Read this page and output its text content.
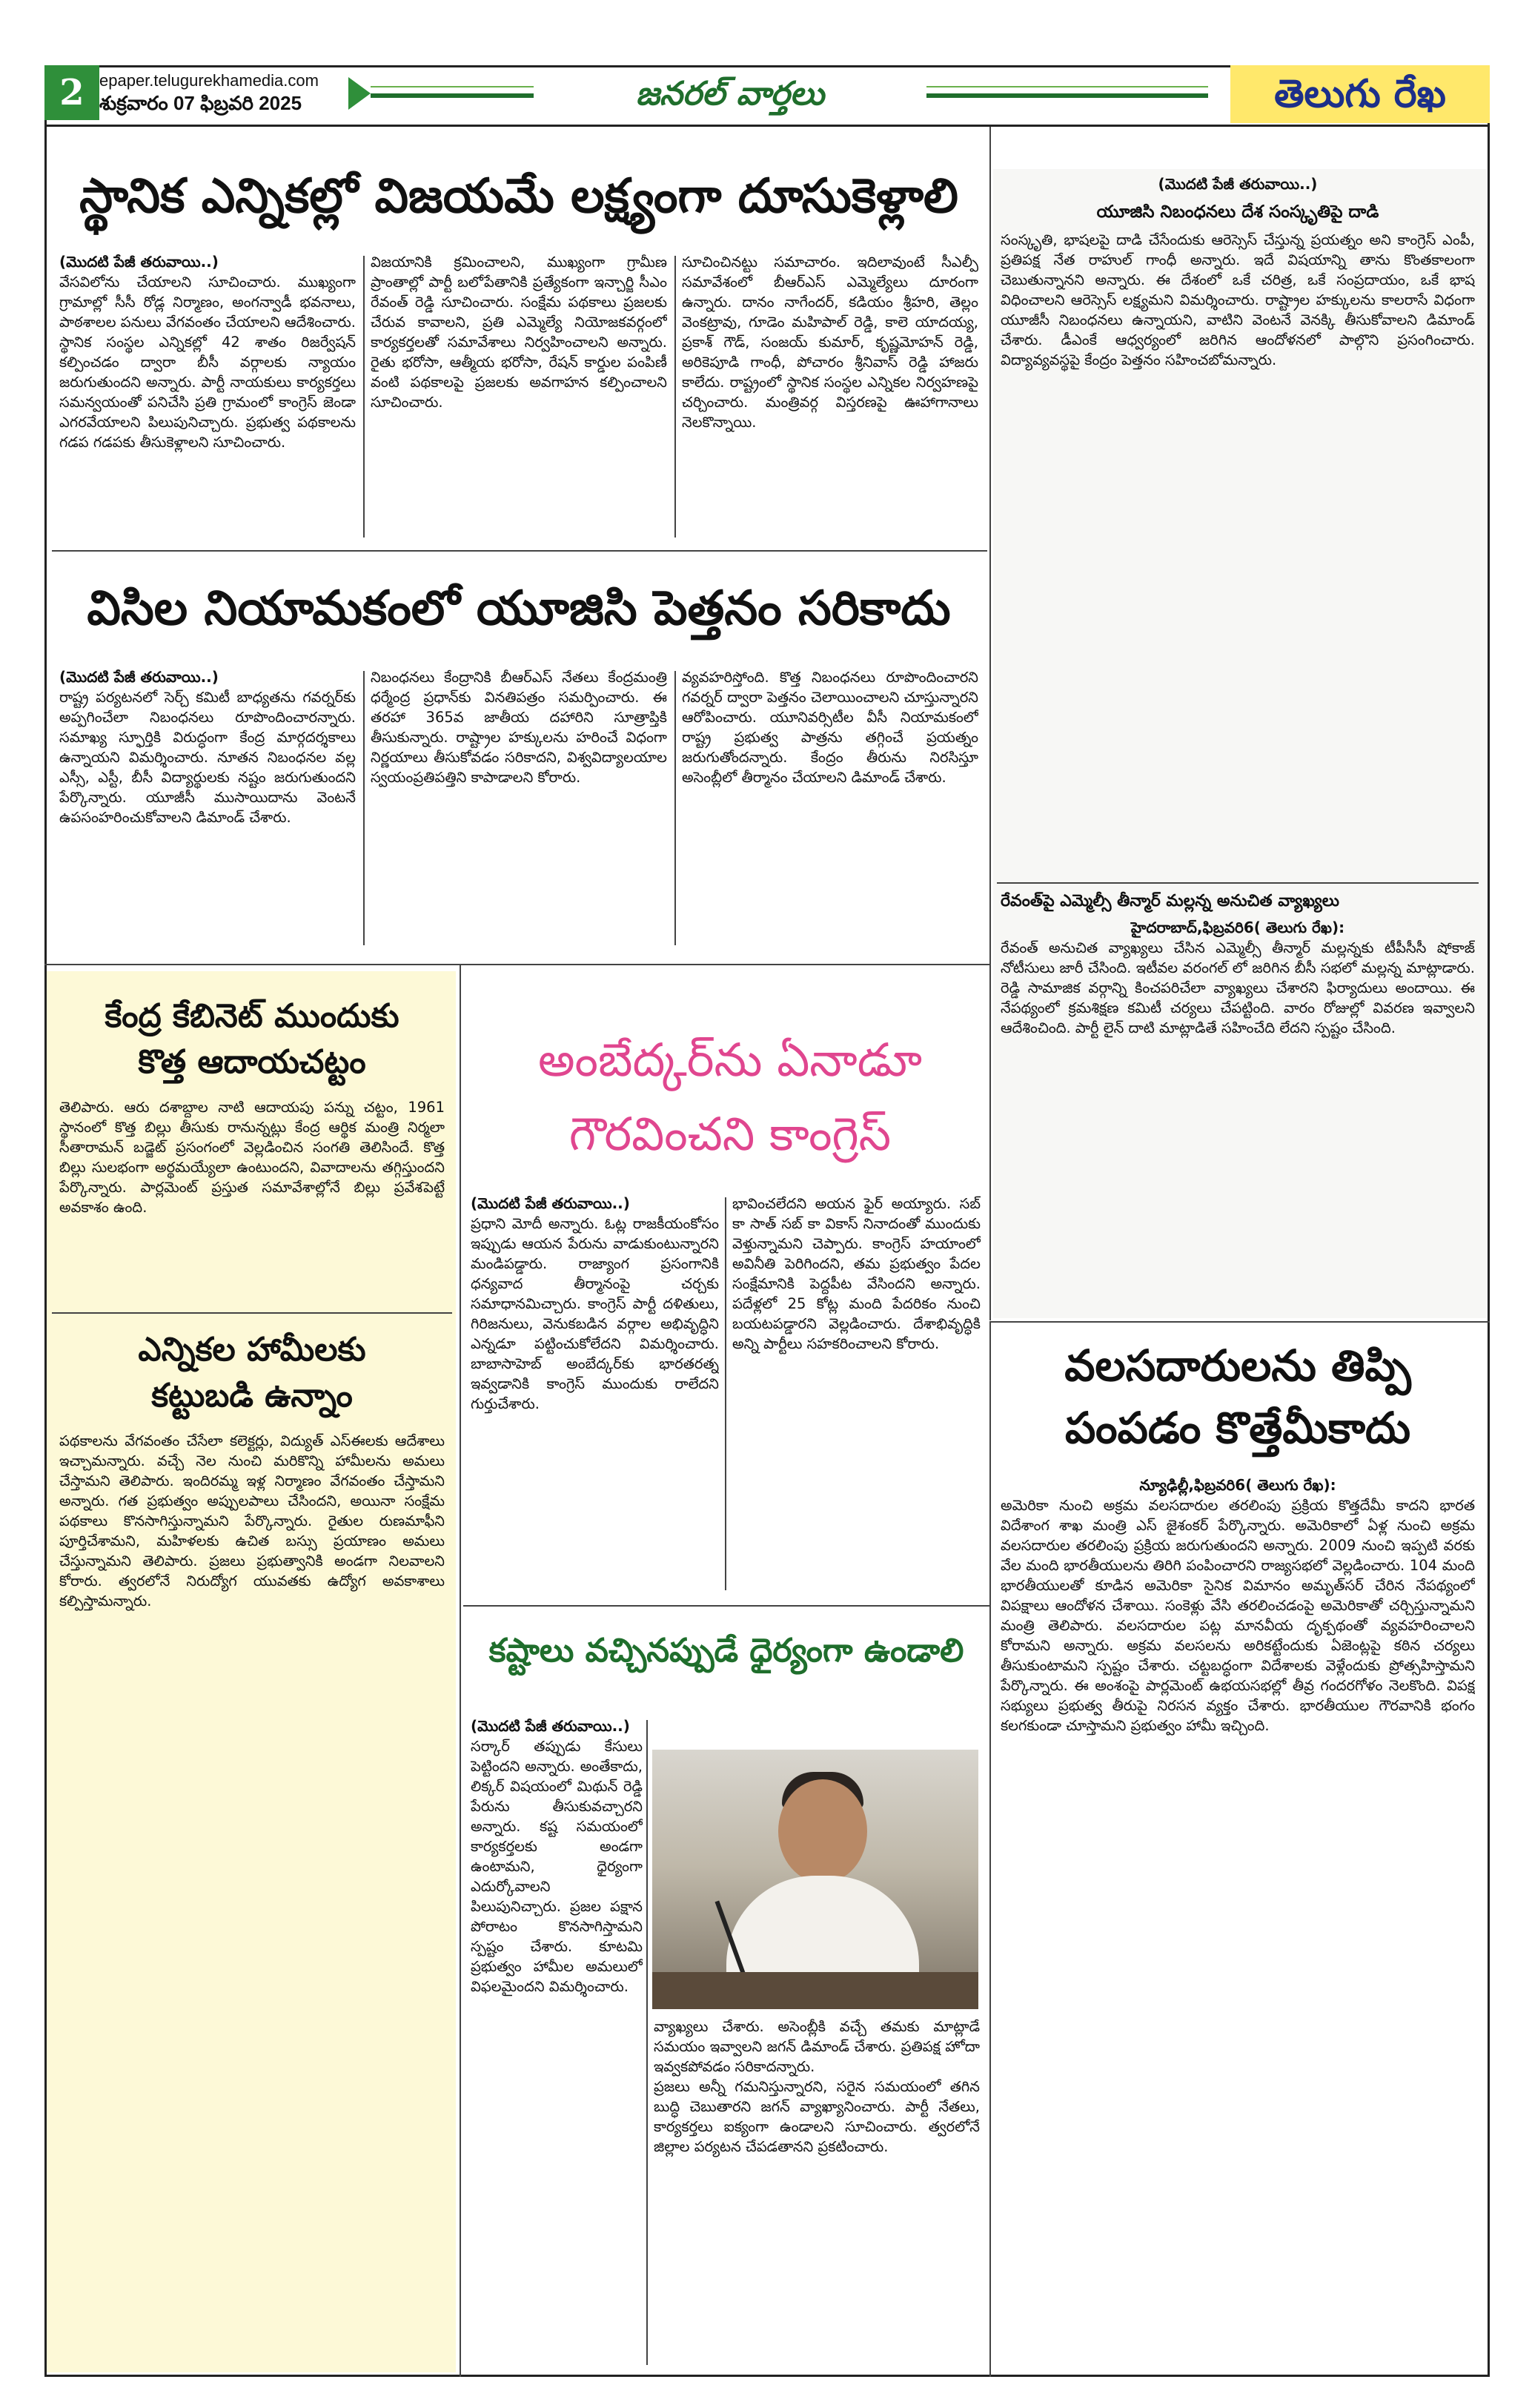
2 epaper.telugurekhamedia.com
శుక్రవారం 07 ఫిబ్రవరి 2025	జనరల్ వార్తలు	తెలుగు రేఖ
స్థానిక ఎన్నికల్లో విజయమే లక్ష్యంగా దూసుకెళ్లాలి

(మొదటి పేజీ తరువాయి..)

వేసవిలోను చేయాలని సూచించారు. ముఖ్యంగా గ్రామాల్లో సీసీ రోడ్ల నిర్మాణం, అంగన్వాడీ భవనాలు, పాఠశాలల పనులు వేగవంతం చేయాలని ఆదేశించారు. స్థానిక సంస్థల ఎన్నికల్లో 42 శాతం రిజర్వేషన్ కల్పించడం ద్వారా బీసీ వర్గాలకు న్యాయం జరుగుతుందని అన్నారు. పార్టీ నాయకులు కార్యకర్తలు సమన్వయంతో పనిచేసి ప్రతి గ్రామంలో కాంగ్రెస్ జెండా ఎగరవేయాలని పిలుపునిచ్చారు. ప్రభుత్వ పథకాలను గడప గడపకు తీసుకెళ్లాలని సూచించారు.

విజయానికి క్రమించాలని, ముఖ్యంగా గ్రామీణ ప్రాంతాల్లో పార్టీ బలోపేతానికి ప్రత్యేకంగా ఇన్చార్జి సీఎం రేవంత్ రెడ్డి సూచించారు. సంక్షేమ పథకాలు ప్రజలకు చేరువ కావాలని, ప్రతి ఎమ్మెల్యే నియోజకవర్గంలో కార్యకర్తలతో సమావేశాలు నిర్వహించాలని అన్నారు. రైతు భరోసా, ఆత్మీయ భరోసా, రేషన్ కార్డుల పంపిణీ వంటి పథకాలపై ప్రజలకు అవగాహన కల్పించాలని సూచించారు.
సూచించినట్టు సమాచారం. ఇదిలావుంటే సీఎల్పీ సమావేశంలో బీఆర్ఎస్ ఎమ్మెల్యేలు దూరంగా ఉన్నారు. దానం నాగేందర్, కడియం శ్రీహరి, తెల్లం వెంకట్రావు, గూడెం మహిపాల్ రెడ్డి, కాలె యాదయ్య, ప్రకాశ్ గౌడ్, సంజయ్ కుమార్, కృష్ణమోహన్ రెడ్డి, అరికెపూడి గాంధీ, పోచారం శ్రీనివాస్ రెడ్డి హాజరు కాలేదు. రాష్ట్రంలో స్థానిక సంస్థల ఎన్నికల నిర్వహణపై చర్చించారు. మంత్రివర్గ విస్తరణపై ఊహాగానాలు నెలకొన్నాయి.
విసిల నియామకంలో యూజిసి పెత్తనం సరికాదు

(మొదటి పేజీ తరువాయి..)

రాష్ట్ర పర్యటనలో సెర్చ్ కమిటీ బాధ్యతను గవర్నర్‌కు అప్పగించేలా నిబంధనలు రూపొందించారన్నారు. సమాఖ్య స్ఫూర్తికి విరుద్ధంగా కేంద్ర మార్గదర్శకాలు ఉన్నాయని విమర్శించారు. నూతన నిబంధనల వల్ల ఎస్సీ, ఎస్టీ, బీసీ విద్యార్థులకు నష్టం జరుగుతుందని పేర్కొన్నారు. యూజీసీ ముసాయిదాను వెంటనే ఉపసంహరించుకోవాలని డిమాండ్ చేశారు.

నిబంధనలు కేంద్రానికి బీఆర్ఎస్ నేతలు కేంద్రమంత్రి ధర్మేంద్ర ప్రధాన్‌కు వినతిపత్రం సమర్పించారు. ఈ తరహా 365వ జాతీయ దహారిని సూత్రాప్తికి తీసుకున్నారు. రాష్ట్రాల హక్కులను హరించే విధంగా నిర్ణయాలు తీసుకోవడం సరికాదని, విశ్వవిద్యాలయాల స్వయంప్రతిపత్తిని కాపాడాలని కోరారు.
వ్యవహరిస్తోంది. కొత్త నిబంధనలు రూపొందించారని గవర్నర్ ద్వారా పెత్తనం చెలాయించాలని చూస్తున్నారని ఆరోపించారు. యూనివర్సిటీల వీసీ నియామకంలో రాష్ట్ర ప్రభుత్వ పాత్రను తగ్గించే ప్రయత్నం జరుగుతోందన్నారు. కేంద్రం తీరును నిరసిస్తూ అసెంబ్లీలో తీర్మానం చేయాలని డిమాండ్ చేశారు.
కేంద్ర కేబినెట్ ముందుకు
కొత్త ఆదాయచట్టం
తెలిపారు. ఆరు దశాబ్దాల నాటి ఆదాయపు పన్ను చట్టం, 1961 స్థానంలో కొత్త బిల్లు తీసుకు రానున్నట్లు కేంద్ర ఆర్థిక మంత్రి నిర్మలా సీతారామన్ బడ్జెట్ ప్రసంగంలో వెల్లడించిన సంగతి తెలిసిందే. కొత్త బిల్లు సులభంగా అర్థమయ్యేలా ఉంటుందని, వివాదాలను తగ్గిస్తుందని పేర్కొన్నారు. పార్లమెంట్ ప్రస్తుత సమావేశాల్లోనే బిల్లు ప్రవేశపెట్టే అవకాశం ఉంది.
ఎన్నికల హామీలకు
కట్టుబడి ఉన్నాం
పథకాలను వేగవంతం చేసేలా కలెక్టర్లు, విద్యుత్ ఎస్ఈలకు ఆదేశాలు ఇచ్చామన్నారు. వచ్చే నెల నుంచి మరికొన్ని హామీలను అమలు చేస్తామని తెలిపారు. ఇందిరమ్మ ఇళ్ల నిర్మాణం వేగవంతం చేస్తామని అన్నారు. గత ప్రభుత్వం అప్పులపాలు చేసిందని, అయినా సంక్షేమ పథకాలు కొనసాగిస్తున్నామని పేర్కొన్నారు. రైతుల రుణమాఫీని పూర్తిచేశామని, మహిళలకు ఉచిత బస్సు ప్రయాణం అమలు చేస్తున్నామని తెలిపారు. ప్రజలు ప్రభుత్వానికి అండగా నిలవాలని కోరారు. త్వరలోనే నిరుద్యోగ యువతకు ఉద్యోగ అవకాశాలు కల్పిస్తామన్నారు.
అంబేద్కర్‌ను ఏనాడూ
గౌరవించని కాంగ్రెస్

(మొదటి పేజీ తరువాయి..)

ప్రధాని మోదీ అన్నారు. ఓట్ల రాజకీయంకోసం ఇప్పుడు ఆయన పేరును వాడుకుంటున్నారని మండిపడ్డారు. రాజ్యాంగ ప్రసంగానికి ధన్యవాద తీర్మానంపై చర్చకు సమాధానమిచ్చారు. కాంగ్రెస్ పార్టీ దళితులు, గిరిజనులు, వెనుకబడిన వర్గాల అభివృద్ధిని ఎన్నడూ పట్టించుకోలేదని విమర్శించారు. బాబాసాహెబ్ అంబేద్కర్‌కు భారతరత్న ఇవ్వడానికి కాంగ్రెస్ ముందుకు రాలేదని గుర్తుచేశారు.

భావించలేదని అయన ఫైర్ అయ్యారు. సబ్ కా సాత్ సబ్ కా వికాస్ నినాదంతో ముందుకు వెళ్తున్నామని చెప్పారు. కాంగ్రెస్ హయాంలో అవినీతి పెరిగిందని, తమ ప్రభుత్వం పేదల సంక్షేమానికి పెద్దపీట వేసిందని అన్నారు. పదేళ్లలో 25 కోట్ల మంది పేదరికం నుంచి బయటపడ్డారని వెల్లడించారు. దేశాభివృద్ధికి అన్ని పార్టీలు సహకరించాలని కోరారు.
కష్టాలు వచ్చినప్పుడే ధైర్యంగా ఉండాలి

(మొదటి పేజీ తరువాయి..)

సర్కార్ తప్పుడు కేసులు పెట్టిందని అన్నారు. అంతేకాదు, లిక్కర్ విషయంలో మిథున్ రెడ్డి పేరును తీసుకువచ్చారని అన్నారు. కష్ట సమయంలో కార్యకర్తలకు అండగా ఉంటామని, ధైర్యంగా ఎదుర్కోవాలని పిలుపునిచ్చారు. ప్రజల పక్షాన పోరాటం కొనసాగిస్తామని స్పష్టం చేశారు. కూటమి ప్రభుత్వం హామీల అమలులో విఫలమైందని విమర్శించారు.

వ్యాఖ్యలు చేశారు. అసెంబ్లీకి వచ్చే తమకు మాట్లాడే సమయం ఇవ్వాలని జగన్ డిమాండ్ చేశారు. ప్రతిపక్ష హోదా ఇవ్వకపోవడం సరికాదన్నారు.

ప్రజలు అన్నీ గమనిస్తున్నారని, సరైన సమయంలో తగిన బుద్ధి చెబుతారని జగన్ వ్యాఖ్యానించారు. పార్టీ నేతలు, కార్యకర్తలు ఐక్యంగా ఉండాలని సూచించారు. త్వరలోనే జిల్లాల పర్యటన చేపడతానని ప్రకటించారు.

(మొదటి పేజీ తరువాయి..)

యూజిసి నిబంధనలు దేశ సంస్కృతిపై దాడి
సంస్కృతి, భాషలపై దాడి చేసేందుకు ఆరెస్సెస్ చేస్తున్న ప్రయత్నం అని కాంగ్రెస్ ఎంపీ, ప్రతిపక్ష నేత రాహుల్ గాంధీ అన్నారు. ఇదే విషయాన్ని తాను కొంతకాలంగా చెబుతున్నానని అన్నారు. ఈ దేశంలో ఒకే చరిత్ర, ఒకే సంప్రదాయం, ఒకే భాష విధించాలని ఆరెస్సెస్ లక్ష్యమని విమర్శించారు. రాష్ట్రాల హక్కులను కాలరాసే విధంగా యూజీసీ నిబంధనలు ఉన్నాయని, వాటిని వెంటనే వెనక్కి తీసుకోవాలని డిమాండ్ చేశారు. డీఎంకే ఆధ్వర్యంలో జరిగిన ఆందోళనలో పాల్గొని ప్రసంగించారు. విద్యావ్యవస్థపై కేంద్రం పెత్తనం సహించబోమన్నారు.
రేవంత్‌పై ఎమ్మెల్సీ తీన్మార్ మల్లన్న అనుచిత వ్యాఖ్యలు

హైదరాబాద్,ఫిబ్రవరి6( తెలుగు రేఖ):

రేవంత్ అనుచిత వ్యాఖ్యలు చేసిన ఎమ్మెల్సీ తీన్మార్ మల్లన్నకు టీపీసీసీ షోకాజ్ నోటీసులు జారీ చేసింది. ఇటీవల వరంగల్ లో జరిగిన బీసీ సభలో మల్లన్న మాట్లాడారు. రెడ్డి సామాజిక వర్గాన్ని కించపరిచేలా వ్యాఖ్యలు చేశారని ఫిర్యాదులు అందాయి. ఈ నేపథ్యంలో క్రమశిక్షణ కమిటీ చర్యలు చేపట్టింది. వారం రోజుల్లో వివరణ ఇవ్వాలని ఆదేశించింది. పార్టీ లైన్ దాటి మాట్లాడితే సహించేది లేదని స్పష్టం చేసింది.

వలసదారులను తిప్పి
పంపడం కొత్తేమీకాదు

న్యూఢిల్లీ,ఫిబ్రవరి6( తెలుగు రేఖ):

అమెరికా నుంచి అక్రమ వలసదారుల తరలింపు ప్రక్రియ కొత్తదేమీ కాదని భారత విదేశాంగ శాఖ మంత్రి ఎస్ జైశంకర్ పేర్కొన్నారు. అమెరికాలో ఏళ్ల నుంచి అక్రమ వలసదారుల తరలింపు ప్రక్రియ జరుగుతుందని అన్నారు. 2009 నుంచి ఇప్పటి వరకు వేల మంది భారతీయులను తిరిగి పంపించారని రాజ్యసభలో వెల్లడించారు. 104 మంది భారతీయులతో కూడిన అమెరికా సైనిక విమానం అమృత్‌సర్ చేరిన నేపథ్యంలో విపక్షాలు ఆందోళన చేశాయి. సంకెళ్లు వేసి తరలించడంపై అమెరికాతో చర్చిస్తున్నామని మంత్రి తెలిపారు. వలసదారుల పట్ల మానవీయ దృక్పథంతో వ్యవహరించాలని కోరామని అన్నారు. అక్రమ వలసలను అరికట్టేందుకు ఏజెంట్లపై కఠిన చర్యలు తీసుకుంటామని స్పష్టం చేశారు. చట్టబద్ధంగా విదేశాలకు వెళ్లేందుకు ప్రోత్సహిస్తామని పేర్కొన్నారు. ఈ అంశంపై పార్లమెంట్ ఉభయసభల్లో తీవ్ర గందరగోళం నెలకొంది. విపక్ష సభ్యులు ప్రభుత్వ తీరుపై నిరసన వ్యక్తం చేశారు. భారతీయుల గౌరవానికి భంగం కలగకుండా చూస్తామని ప్రభుత్వం హామీ ఇచ్చింది.
